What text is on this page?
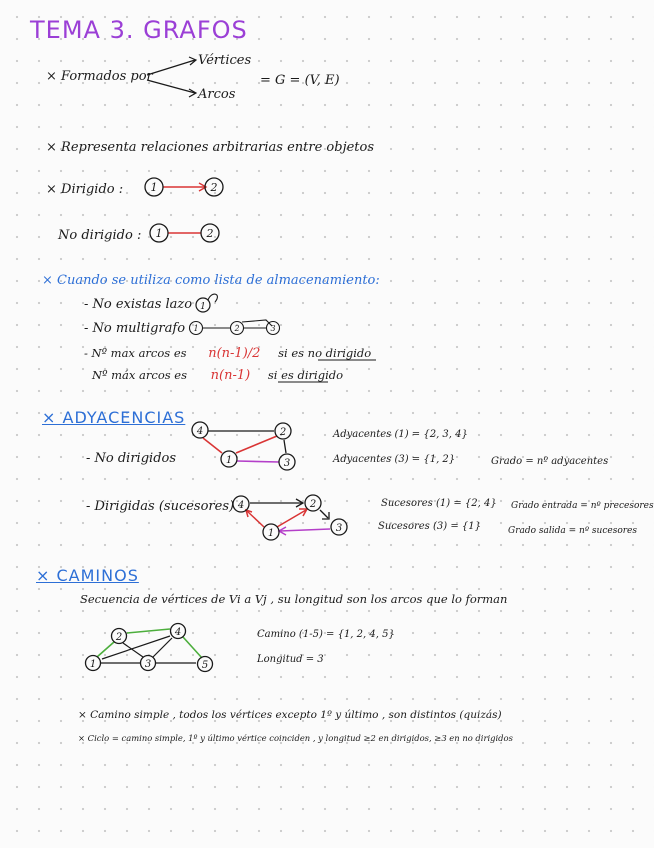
TEMA 3. GRAFOS
× Formados por
Vértices
Arcos
= G = (V, E)
× Representa relaciones arbitrarias entre objetos
× Dirigido : 1	2
No dirigido : 1	2
× Cuando se utiliza como lista de almacenamiento:
- No existas lazo 1
- No multigrafo 1	2	3
- Nº max arcos es n(n-1)/2 si es no dirigido
Nº máx arcos es n(n-1) si es dirigido
× ADYACENCIAS
- No dirigidos
4	2
1	3
Adyacentes (1) = {2, 3, 4}
Adyacentes (3) = {1, 2}	Grado = nº adyacentes
- Dirigidas (sucesores) 4	2
1	3
Sucesores (1) = {2, 4}
Sucesores (3) = {1}
Grado entrada = nº precesores
Grado salida = nº sucesores
× CAMINOS
Secuencia de vértices de Vi a Vj , su longitud son los arcos que lo forman
2	4
1	3	5
Camino (1-5) = {1, 2, 4, 5}
Longitud = 3
× Camino simple , todos los vértices excepto 1º y último , son distintos (quizás)
× Ciclo = camino simple, 1º y último vértice coinciden , y longitud ≥2 en dirigidos, ≥3 en no dirigidos
